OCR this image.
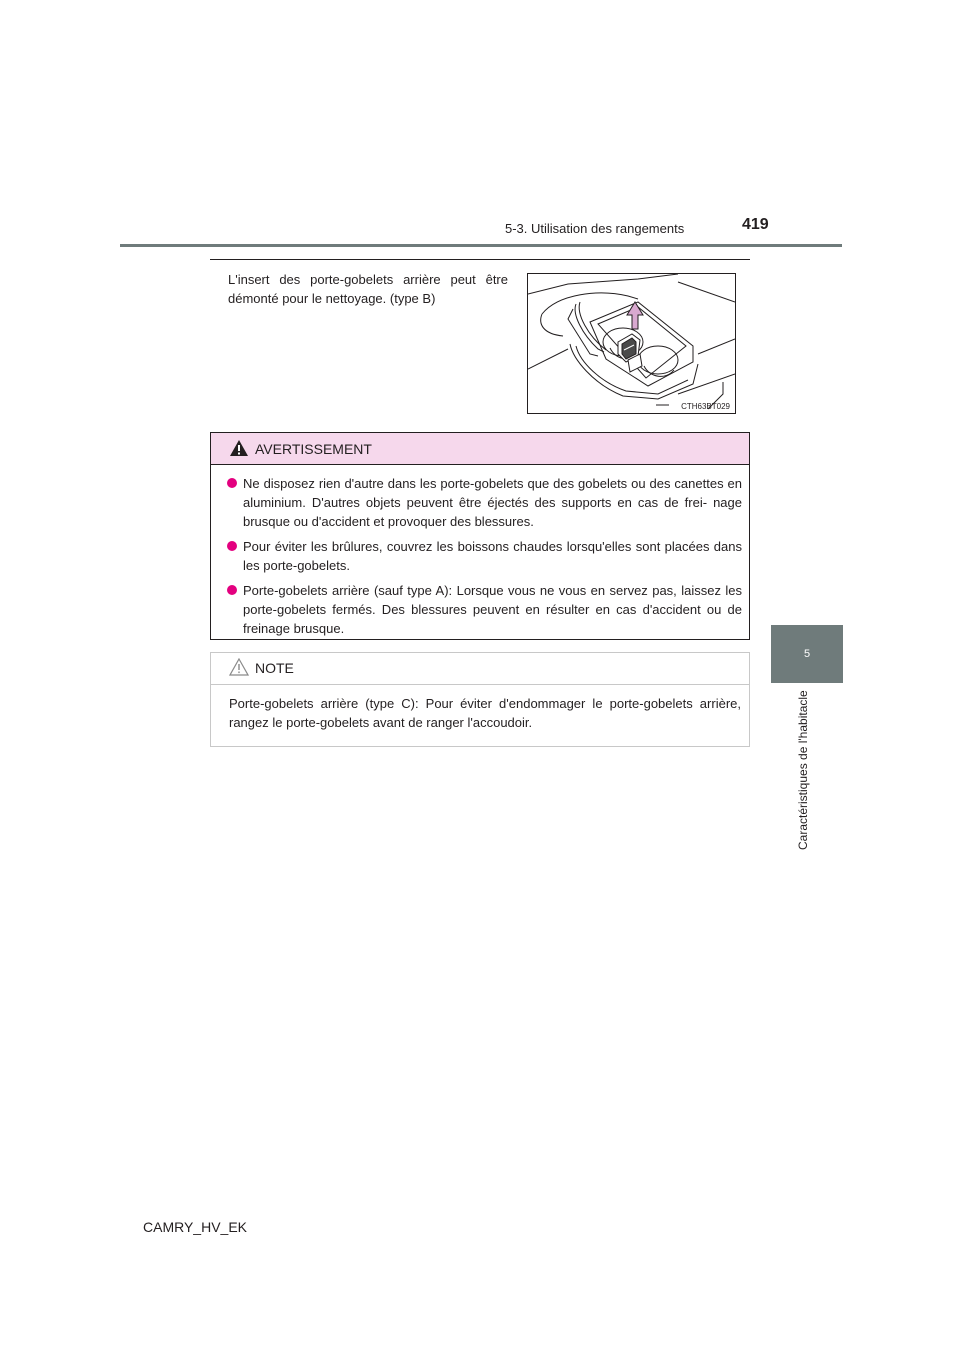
5-3. Utilisation des rangements	419
5
Caractéristiques de l'habitacle
L'insert des porte-gobelets arrière peut être démonté pour le nettoyage. (type B)
CTH63BT029
AVERTISSEMENT
Ne disposez rien d'autre dans les porte-gobelets que des gobelets ou des canettes en aluminium. D'autres objets peuvent être éjectés des supports en cas de frei- nage brusque ou d'accident et provoquer des blessures.
Pour éviter les brûlures, couvrez les boissons chaudes lorsqu'elles sont placées dans les porte-gobelets.
Porte-gobelets arrière (sauf type A): Lorsque vous ne vous en servez pas, laissez les porte-gobelets fermés. Des blessures peuvent en résulter en cas d'accident ou de freinage brusque.
NOTE
Porte-gobelets arrière (type C): Pour éviter d'endommager le porte-gobelets arrière, rangez le porte-gobelets avant de ranger l'accoudoir.
CAMRY_HV_EK
